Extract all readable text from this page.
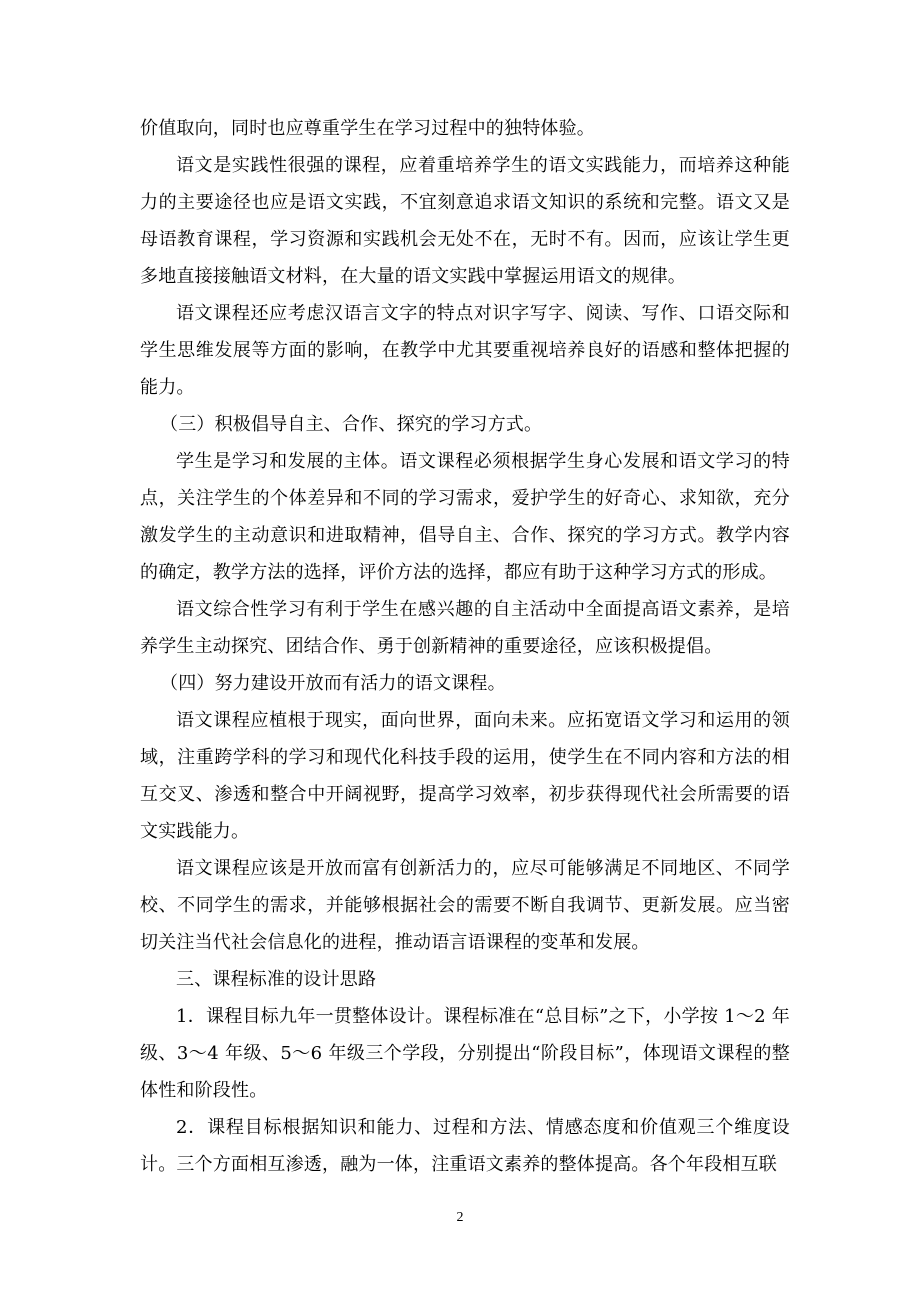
价值取向，同时也应尊重学生在学习过程中的独特体验。

语文是实践性很强的课程，应着重培养学生的语文实践能力，而培养这种能力的主要途径也应是语文实践，不宜刻意追求语文知识的系统和完整。语文又是母语教育课程，学习资源和实践机会无处不在，无时不有。因而，应该让学生更多地直接接触语文材料，在大量的语文实践中掌握运用语文的规律。

语文课程还应考虑汉语言文字的特点对识字写字、阅读、写作、口语交际和学生思维发展等方面的影响，在教学中尤其要重视培养良好的语感和整体把握的能力。

（三）积极倡导自主、合作、探究的学习方式。

学生是学习和发展的主体。语文课程必须根据学生身心发展和语文学习的特点，关注学生的个体差异和不同的学习需求，爱护学生的好奇心、求知欲，充分激发学生的主动意识和进取精神，倡导自主、合作、探究的学习方式。教学内容的确定，教学方法的选择，评价方法的选择，都应有助于这种学习方式的形成。

语文综合性学习有利于学生在感兴趣的自主活动中全面提高语文素养，是培养学生主动探究、团结合作、勇于创新精神的重要途径，应该积极提倡。

（四）努力建设开放而有活力的语文课程。

语文课程应植根于现实，面向世界，面向未来。应拓宽语文学习和运用的领域，注重跨学科的学习和现代化科技手段的运用，使学生在不同内容和方法的相互交叉、渗透和整合中开阔视野，提高学习效率，初步获得现代社会所需要的语文实践能力。

语文课程应该是开放而富有创新活力的，应尽可能够满足不同地区、不同学校、不同学生的需求，并能够根据社会的需要不断自我调节、更新发展。应当密切关注当代社会信息化的进程，推动语言语课程的变革和发展。

三、课程标准的设计思路

1．课程目标九年一贯整体设计。课程标准在“总目标”之下，小学按 1～2 年级、3～4 年级、5～6 年级三个学段，分别提出“阶段目标”，体现语文课程的整体性和阶段性。

2．课程目标根据知识和能力、过程和方法、情感态度和价值观三个维度设计。三个方面相互渗透，融为一体，注重语文素养的整体提高。各个年段相互联

2
